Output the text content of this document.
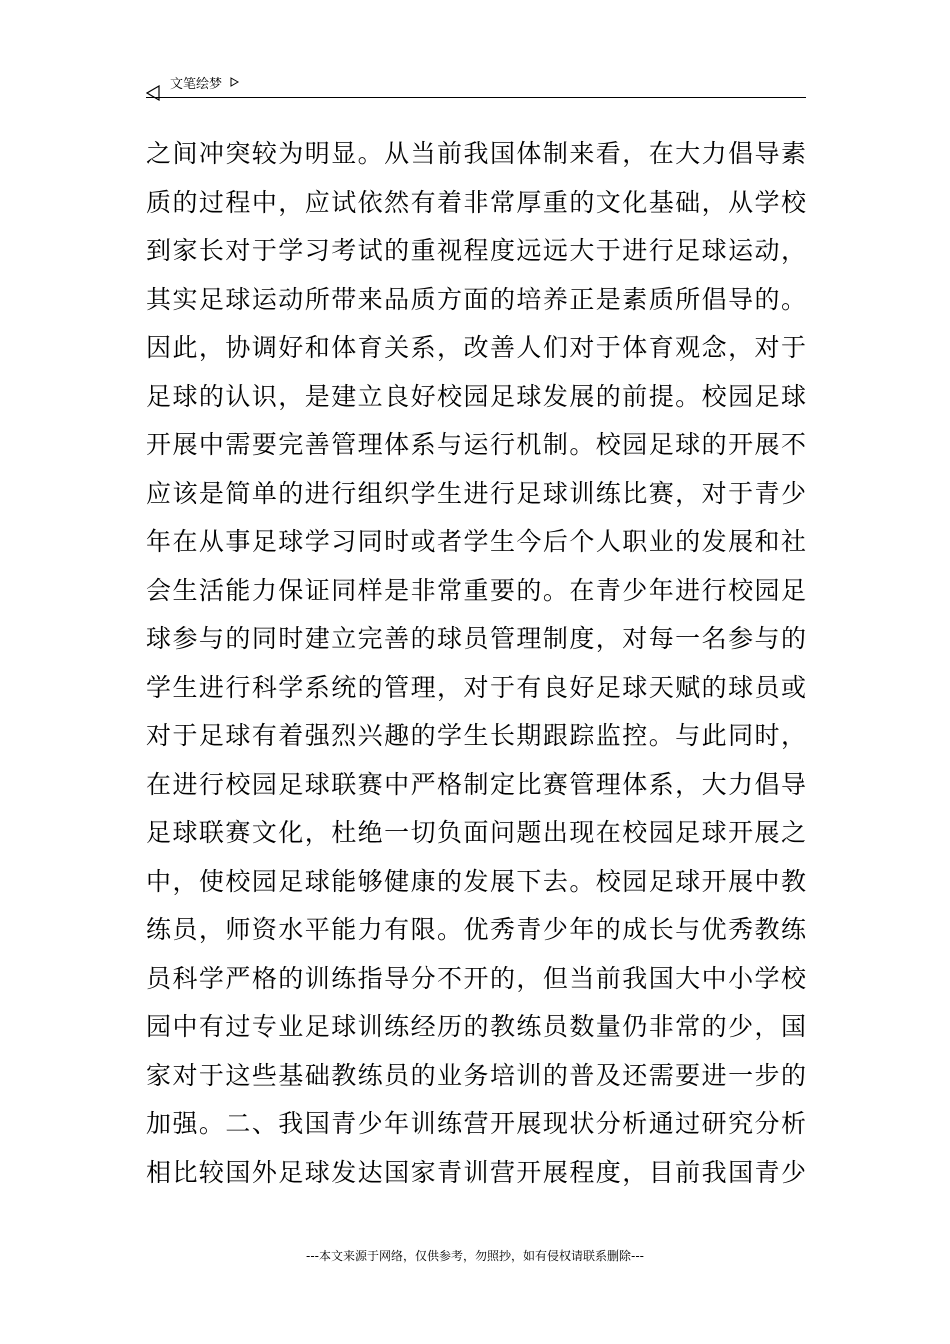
文笔绘梦
之间冲突较为明显。从当前我国体制来看，在大力倡导素
质的过程中，应试依然有着非常厚重的文化基础，从学校
到家长对于学习考试的重视程度远远大于进行足球运动，
其实足球运动所带来品质方面的培养正是素质所倡导的。
因此，协调好和体育关系，改善人们对于体育观念，对于
足球的认识，是建立良好校园足球发展的前提。校园足球
开展中需要完善管理体系与运行机制。校园足球的开展不
应该是简单的进行组织学生进行足球训练比赛，对于青少
年在从事足球学习同时或者学生今后个人职业的发展和社
会生活能力保证同样是非常重要的。在青少年进行校园足
球参与的同时建立完善的球员管理制度，对每一名参与的
学生进行科学系统的管理，对于有良好足球天赋的球员或
对于足球有着强烈兴趣的学生长期跟踪监控。与此同时，
在进行校园足球联赛中严格制定比赛管理体系，大力倡导
足球联赛文化，杜绝一切负面问题出现在校园足球开展之
中，使校园足球能够健康的发展下去。校园足球开展中教
练员，师资水平能力有限。优秀青少年的成长与优秀教练
员科学严格的训练指导分不开的，但当前我国大中小学校
园中有过专业足球训练经历的教练员数量仍非常的少，国
家对于这些基础教练员的业务培训的普及还需要进一步的
加强。二、我国青少年训练营开展现状分析通过研究分析
相比较国外足球发达国家青训营开展程度，目前我国青少
---本文来源于网络，仅供参考，勿照抄，如有侵权请联系删除---
